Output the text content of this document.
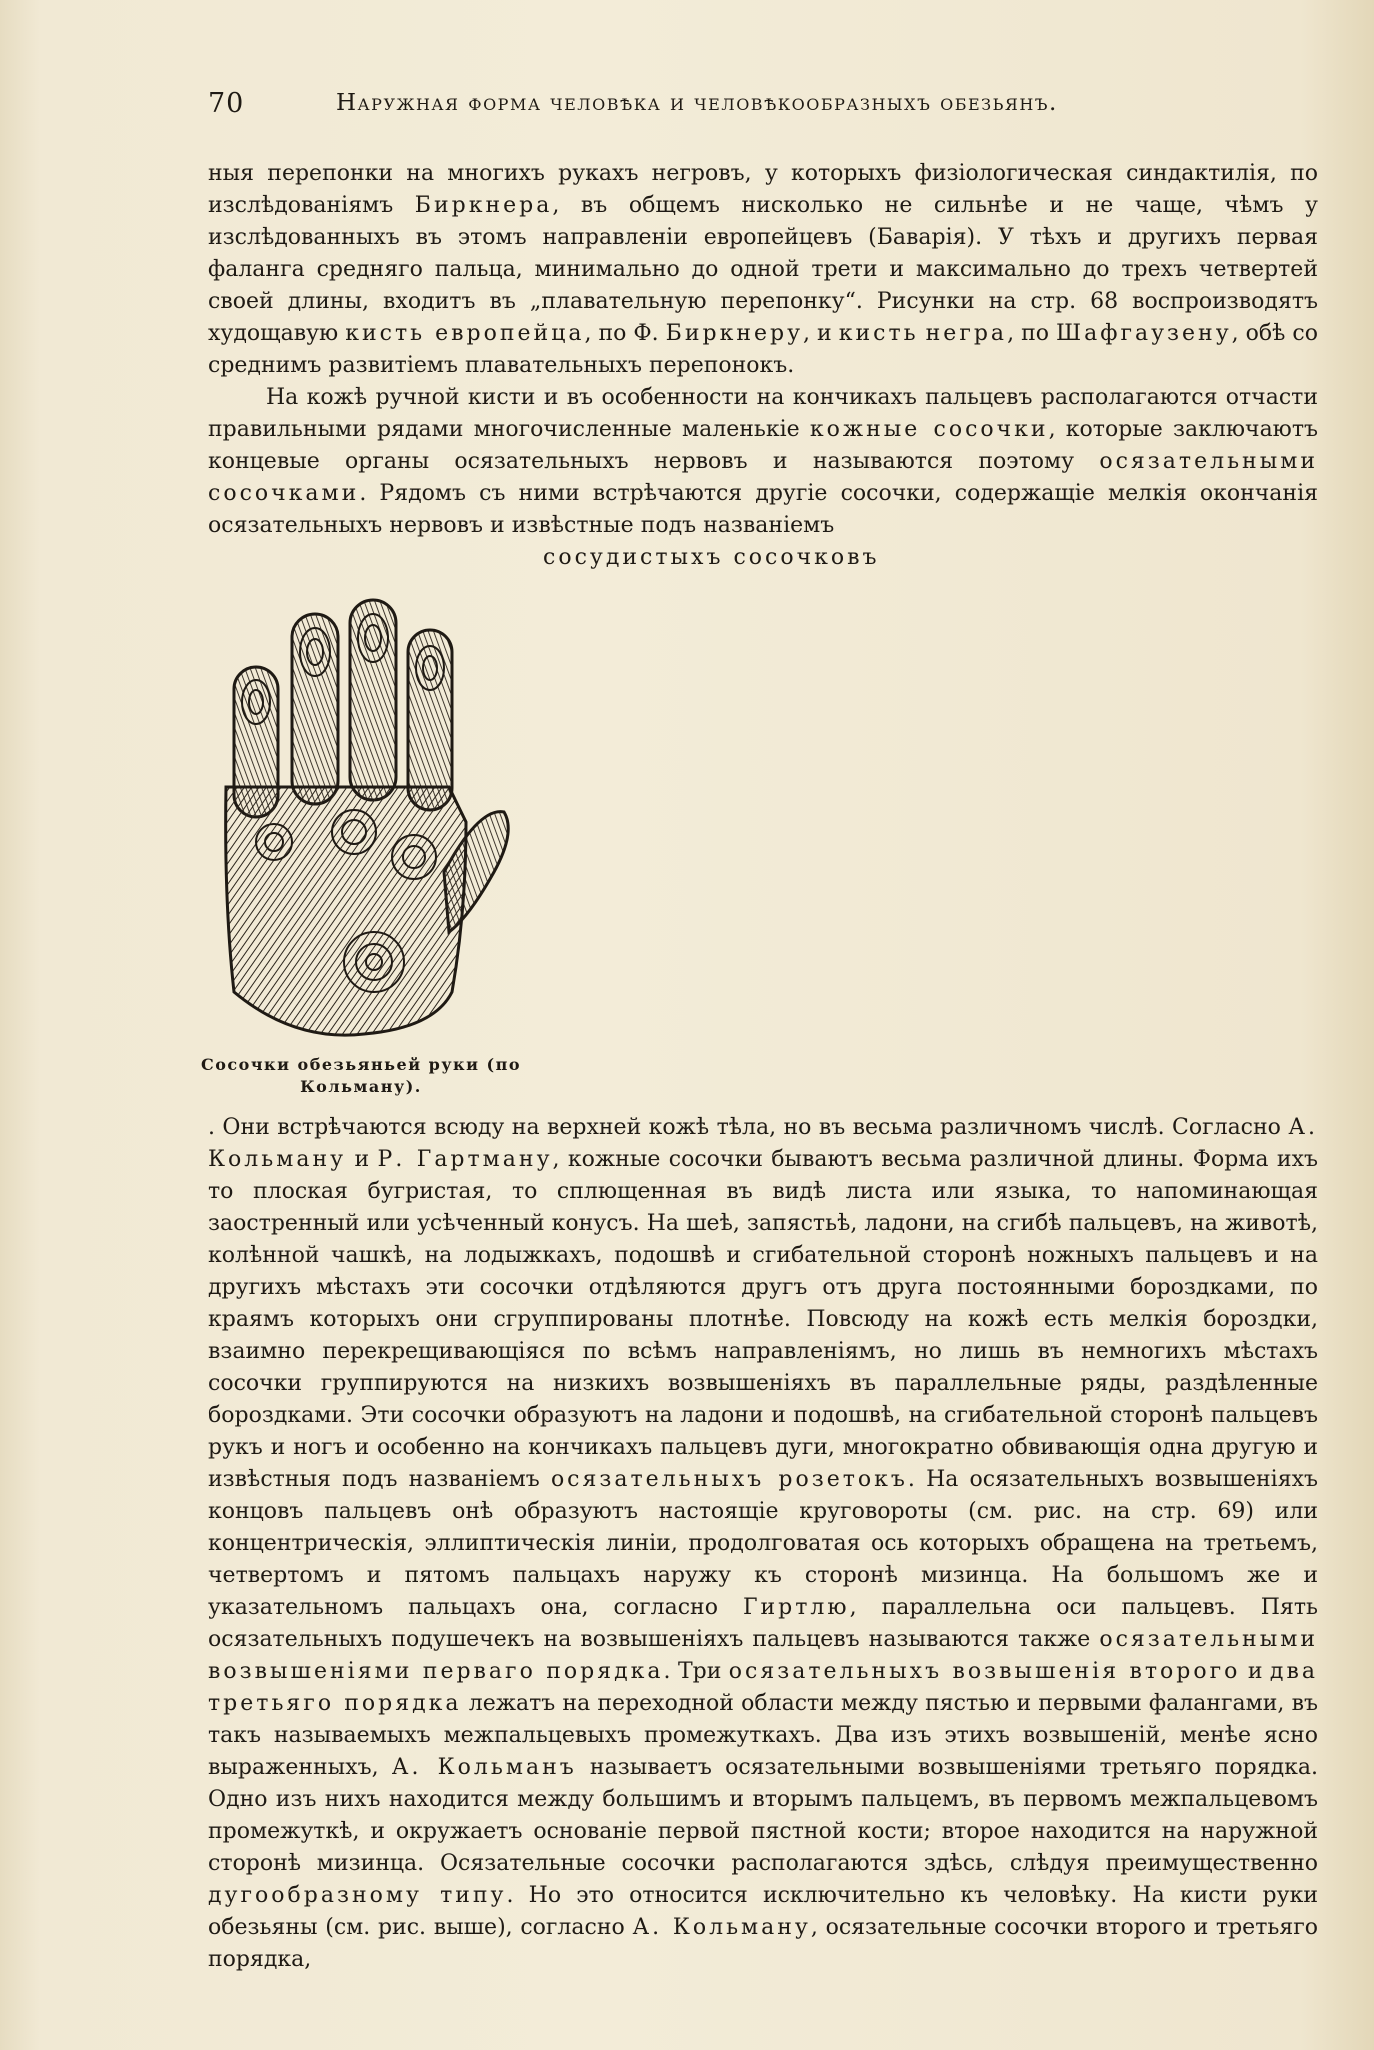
70	Наружная форма человѣка и человѣкообразныхъ обезьянъ.

ныя перепонки на многихъ рукахъ негровъ, у которыхъ физіологическая синдактилія, по изслѣдованіямъ Биркнера, въ общемъ нисколько не сильнѣе и не чаще, чѣмъ у изслѣдованныхъ въ этомъ направленіи европейцевъ (Баварія). У тѣхъ и другихъ первая фаланга средняго пальца, минимально до одной трети и максимально до трехъ четвертей своей длины, входитъ въ „плавательную перепонку“. Рисунки на стр. 68 воспроизводятъ худощавую кисть европейца, по Ф. Биркнеру, и кисть негра, по Шафгаузену, обѣ со среднимъ развитіемъ плавательныхъ перепонокъ.

На кожѣ ручной кисти и въ особенности на кончикахъ пальцевъ располагаются отчасти правильными рядами многочисленные маленькіе кожные сосочки, которые заключаютъ концевые органы осязательныхъ нервовъ и называются поэтому осязательными сосочками. Рядомъ съ ними встрѣчаются другіе сосочки, содержащіе мелкія окончанія осязательныхъ нервовъ и извѣстные подъ названіемъ

Сосочки обезьяньей руки (по Кольману).

сосудистыхъ сосочковъ

. Они встрѣчаются всюду на верхней кожѣ тѣла, но въ весьма различномъ числѣ. Согласно А. Кольману и Р. Гартману, кожные сосочки бываютъ весьма различной длины. Форма ихъ то плоская бугристая, то сплющенная въ видѣ листа или языка, то напоминающая заостренный или усѣченный конусъ. На шеѣ, запястьѣ, ладони, на сгибѣ пальцевъ, на животѣ, колѣнной чашкѣ, на лодыжкахъ, подошвѣ и сгибательной сторонѣ ножныхъ пальцевъ и на другихъ мѣстахъ эти сосочки отдѣляются другъ отъ друга постоянными бороздками, по краямъ которыхъ они сгруппированы плотнѣе. Повсюду на кожѣ есть мелкія бороздки, взаимно перекрещивающіяся по всѣмъ направленіямъ, но лишь въ немногихъ мѣстахъ сосочки группируются на низкихъ возвышеніяхъ въ параллельные ряды, раздѣленные бороздками. Эти сосочки образуютъ на ладони и подошвѣ, на сгибательной сторонѣ пальцевъ рукъ и ногъ и особенно на кончикахъ пальцевъ дуги, многократно обвивающія одна другую и извѣстныя подъ названіемъ осязательныхъ розетокъ. На осязательныхъ возвышеніяхъ концовъ пальцевъ онѣ образуютъ настоящіе круговороты (см. рис. на стр. 69) или концентрическія, эллиптическія линіи, продолговатая ось которыхъ обращена на третьемъ, четвертомъ и пятомъ пальцахъ наружу къ сторонѣ мизинца. На большомъ же и указательномъ пальцахъ она, согласно Гиртлю, параллельна оси пальцевъ. Пять осязательныхъ подушечекъ на возвышеніяхъ пальцевъ называются также осязательными возвышеніями перваго порядка. Три осязательныхъ возвышенія второго и два третьяго порядка лежатъ на переходной области между пястью и первыми фалангами, въ такъ называемыхъ межпальцевыхъ промежуткахъ. Два изъ этихъ возвышеній, менѣе ясно выраженныхъ, А. Кольманъ называетъ осязательными возвышеніями третьяго порядка. Одно изъ нихъ находится между большимъ и вторымъ пальцемъ, въ первомъ межпальцевомъ промежуткѣ, и окружаетъ основаніе первой пястной кости; второе находится на наружной сторонѣ мизинца. Осязательные сосочки располагаются здѣсь, слѣдуя преимущественно дугообразному типу. Но это относится исключительно къ человѣку. На кисти руки обезьяны (см. рис. выше), согласно А. Кольману, осязательные сосочки второго и третьяго порядка,
